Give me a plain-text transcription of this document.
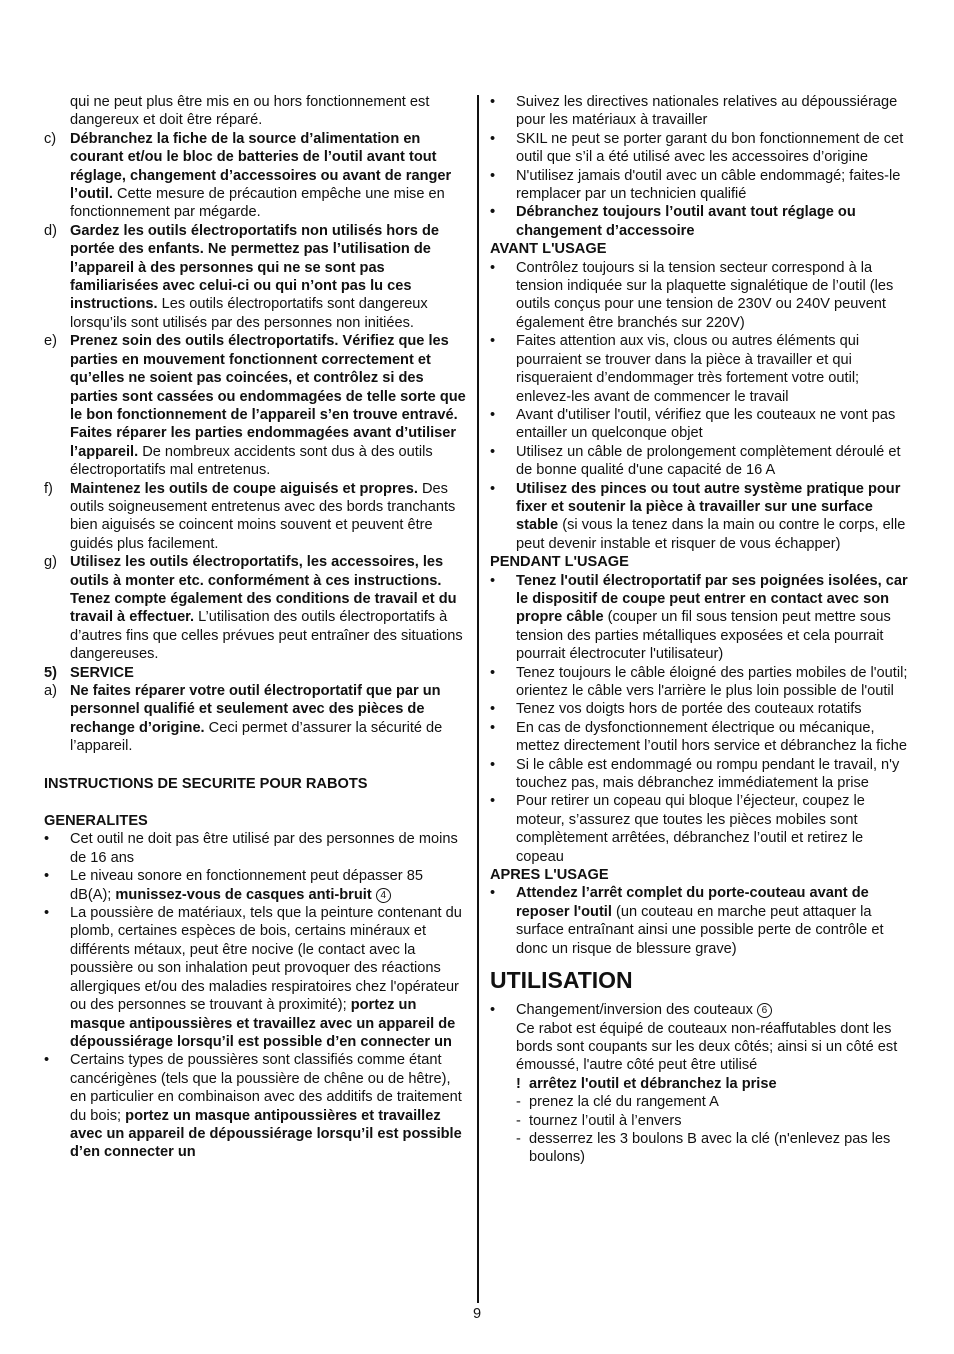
qui ne peut plus être mis en ou hors fonctionnement est dangereux et doit être réparé.
c) Débranchez la fiche de la source d’alimentation en courant et/ou le bloc de batteries de l’outil avant tout réglage, changement d’accessoires ou avant de ranger l’outil. Cette mesure de précaution empêche une mise en fonctionnement par mégarde.
d) Gardez les outils électroportatifs non utilisés hors de portée des enfants. Ne permettez pas l’utilisation de l’appareil à des personnes qui ne se sont pas familiarisées avec celui-ci ou qui n’ont pas lu ces instructions. Les outils électroportatifs sont dangereux lorsqu’ils sont utilisés par des personnes non initiées.
e) Prenez soin des outils électroportatifs. Vérifiez que les parties en mouvement fonctionnent correctement et qu’elles ne soient pas coincées, et contrôlez si des parties sont cassées ou endommagées de telle sorte que le bon fonctionnement de l’appareil s’en trouve entravé. Faites réparer les parties endommagées avant d’utiliser l’appareil. De nombreux accidents sont dus à des outils électroportatifs mal entretenus.
f) Maintenez les outils de coupe aiguisés et propres. Des outils soigneusement entretenus avec des bords tranchants bien aiguisés se coincent moins souvent et peuvent être guidés plus facilement.
g) Utilisez les outils électroportatifs, les accessoires, les outils à monter etc. conformément à ces instructions. Tenez compte également des conditions de travail et du travail à effectuer. L’utilisation des outils électroportatifs à d’autres fins que celles prévues peut entraîner des situations dangereuses.
5) SERVICE
a) Ne faites réparer votre outil électroportatif que par un personnel qualifié et seulement avec des pièces de rechange d’origine. Ceci permet d’assurer la sécurité de l’appareil.
INSTRUCTIONS DE SECURITE POUR RABOTS
GENERALITES
• Cet outil ne doit pas être utilisé par des personnes de moins de 16 ans
• Le niveau sonore en fonctionnement peut dépasser 85 dB(A); munissez-vous de casques anti-bruit 4
• La poussière de matériaux, tels que la peinture contenant du plomb, certaines espèces de bois, certains minéraux et différents métaux, peut être nocive (le contact avec la poussière ou son inhalation peut provoquer des réactions allergiques et/ou des maladies respiratoires chez l'opérateur ou des personnes se trouvant à proximité); portez un masque antipoussières et travaillez avec un appareil de dépoussiérage lorsqu’il est possible d’en connecter un
• Certains types de poussières sont classifiés comme étant cancérigènes (tels que la poussière de chêne ou de hêtre), en particulier en combinaison avec des additifs de traitement du bois; portez un masque antipoussières et travaillez avec un appareil de dépoussiérage lorsqu’il est possible d’en connecter un
• Suivez les directives nationales relatives au dépoussiérage pour les matériaux à travailler
• SKIL ne peut se porter garant du bon fonctionnement de cet outil que s’il a été utilisé avec les accessoires d’origine
• N'utilisez jamais d'outil avec un câble endommagé; faites-le remplacer par un technicien qualifié
• Débranchez toujours l’outil avant tout réglage ou changement d’accessoire
AVANT L'USAGE
• Contrôlez toujours si la tension secteur correspond à la tension indiquée sur la plaquette signalétique de l’outil (les outils conçus pour une tension de 230V ou 240V peuvent également être branchés sur 220V)
• Faites attention aux vis, clous ou autres éléments qui pourraient se trouver dans la pièce à travailler et qui risqueraient d’endommager très fortement votre outil; enlevez-les avant de commencer le travail
• Avant d'utiliser l'outil, vérifiez que les couteaux ne vont pas entailler un quelconque objet
• Utilisez un câble de prolongement complètement déroulé et de bonne qualité d'une capacité de 16 A
• Utilisez des pinces ou tout autre système pratique pour fixer et soutenir la pièce à travailler sur une surface stable (si vous la tenez dans la main ou contre le corps, elle peut devenir instable et risquer de vous échapper)
PENDANT L'USAGE
• Tenez l'outil électroportatif par ses poignées isolées, car le dispositif de coupe peut entrer en contact avec son propre câble (couper un fil sous tension peut mettre sous tension des parties métalliques exposées et cela pourrait pourrait électrocuter l'utilisateur)
• Tenez toujours le câble éloigné des parties mobiles de l'outil; orientez le câble vers l'arrière le plus loin possible de l'outil
• Tenez vos doigts hors de portée des couteaux rotatifs
• En cas de dysfonctionnement électrique ou mécanique, mettez directement l’outil hors service et débranchez la fiche
• Si le câble est endommagé ou rompu pendant le travail, n'y touchez pas, mais débranchez immédiatement la prise
• Pour retirer un copeau qui bloque l’éjecteur, coupez le moteur, s’assurez que toutes les pièces mobiles sont complètement arrêtées, débranchez l’outil et retirez le copeau
APRES L'USAGE
• Attendez l’arrêt complet du porte-couteau avant de reposer l'outil (un couteau en marche peut attaquer la surface entraînant ainsi une possible perte de contrôle et donc un risque de blessure grave)
UTILISATION
• Changement/inversion des couteaux 6
Ce rabot est équipé de couteaux non-réaffutables dont les bords sont coupants sur les deux côtés; ainsi si un côté est émoussé, l'autre côté peut être utilisé
! arrêtez l'outil et débranchez la prise
- prenez la clé du rangement A
- tournez l’outil à l’envers
- desserrez les 3 boulons B avec la clé (n'enlevez pas les boulons)
9
